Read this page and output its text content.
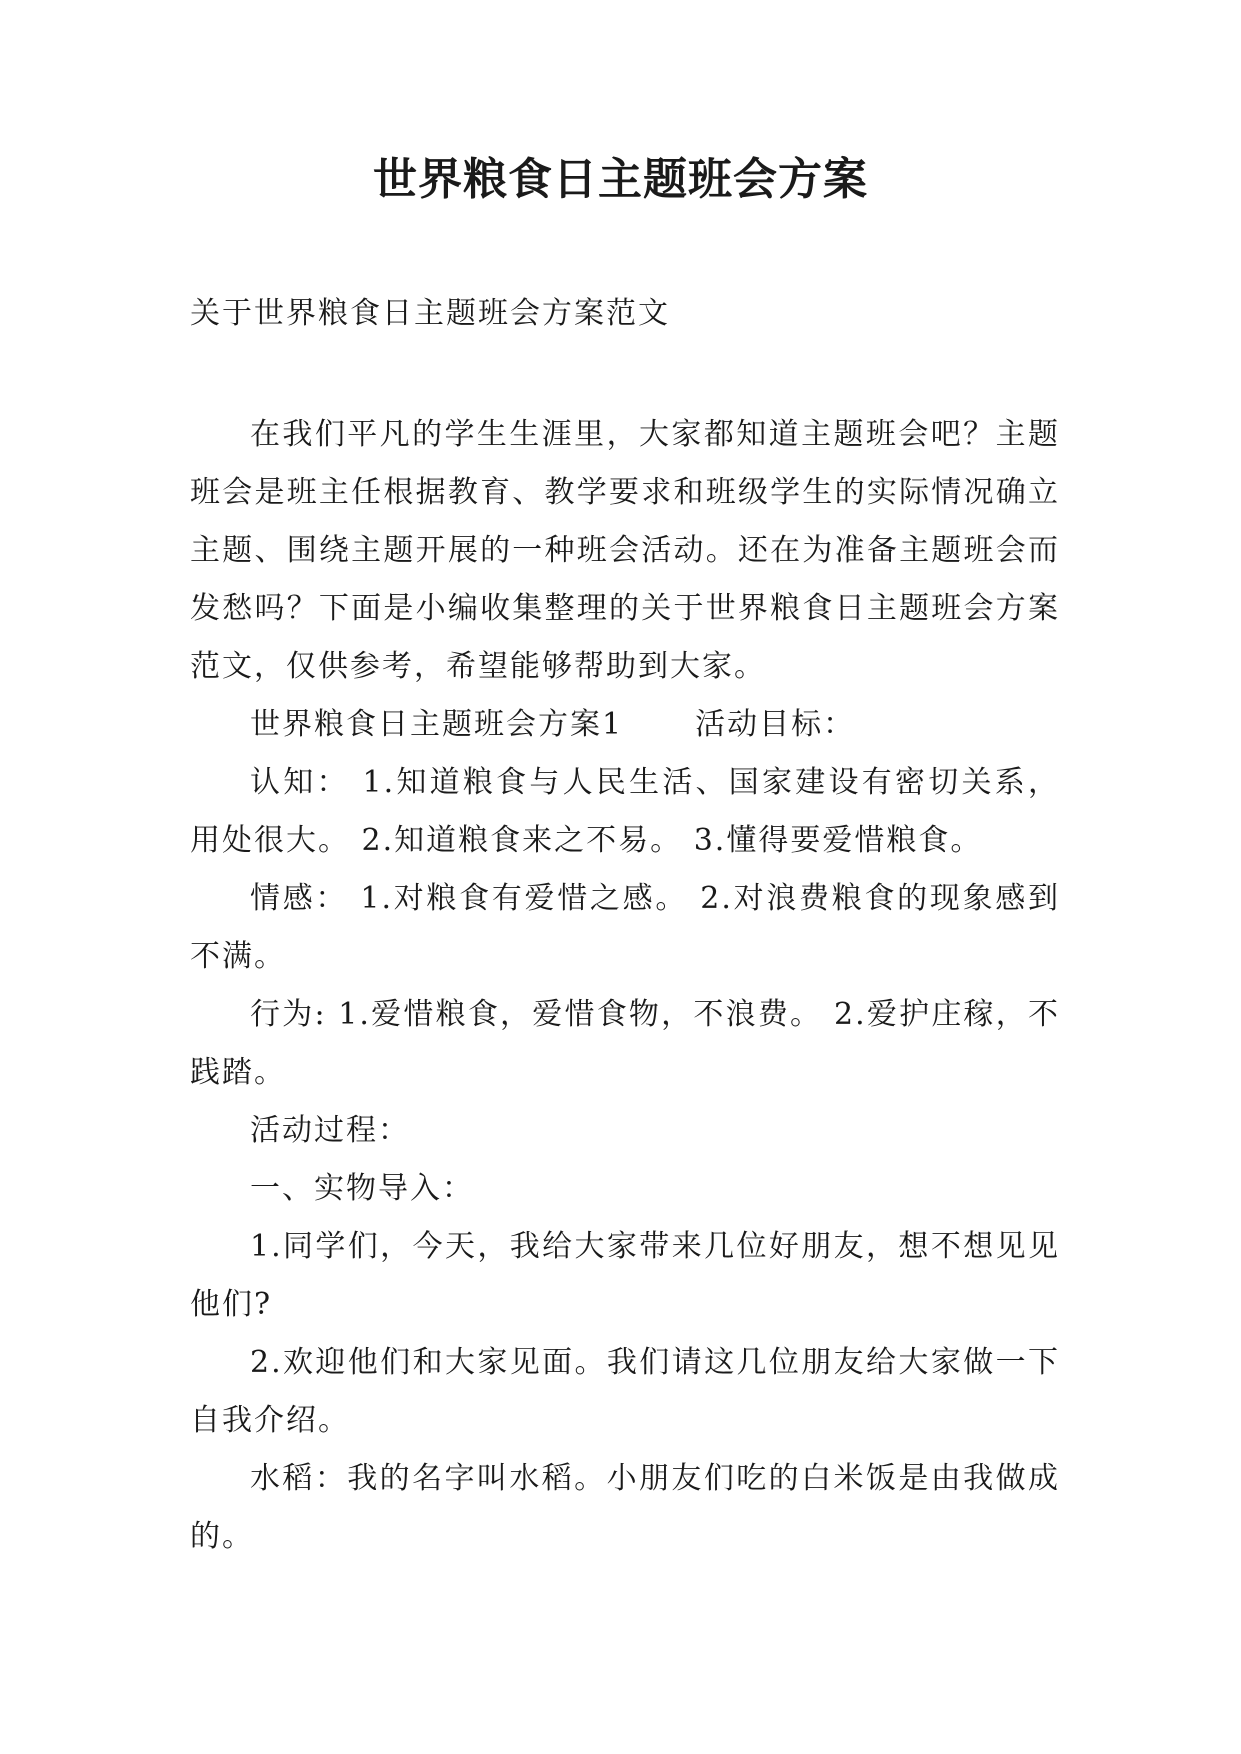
世界粮食日主题班会方案

关于世界粮食日主题班会方案范文

在我们平凡的学生生涯里，大家都知道主题班会吧？主题班会是班主任根据教育、教学要求和班级学生的实际情况确立主题、围绕主题开展的一种班会活动。还在为准备主题班会而发愁吗？下面是小编收集整理的关于世界粮食日主题班会方案范文，仅供参考，希望能够帮助到大家。

世界粮食日主题班会方案1 活动目标：

认知： 1.知道粮食与人民生活、国家建设有密切关系，用处很大。 2.知道粮食来之不易。 3.懂得要爱惜粮食。

情感： 1.对粮食有爱惜之感。 2.对浪费粮食的现象感到不满。

行为: 1.爱惜粮食，爱惜食物，不浪费。 2.爱护庄稼，不践踏。

活动过程：

一、实物导入：

1.同学们，今天，我给大家带来几位好朋友，想不想见见他们?

2.欢迎他们和大家见面。我们请这几位朋友给大家做一下自我介绍。

水稻：我的名字叫水稻。小朋友们吃的白米饭是由我做成的。
